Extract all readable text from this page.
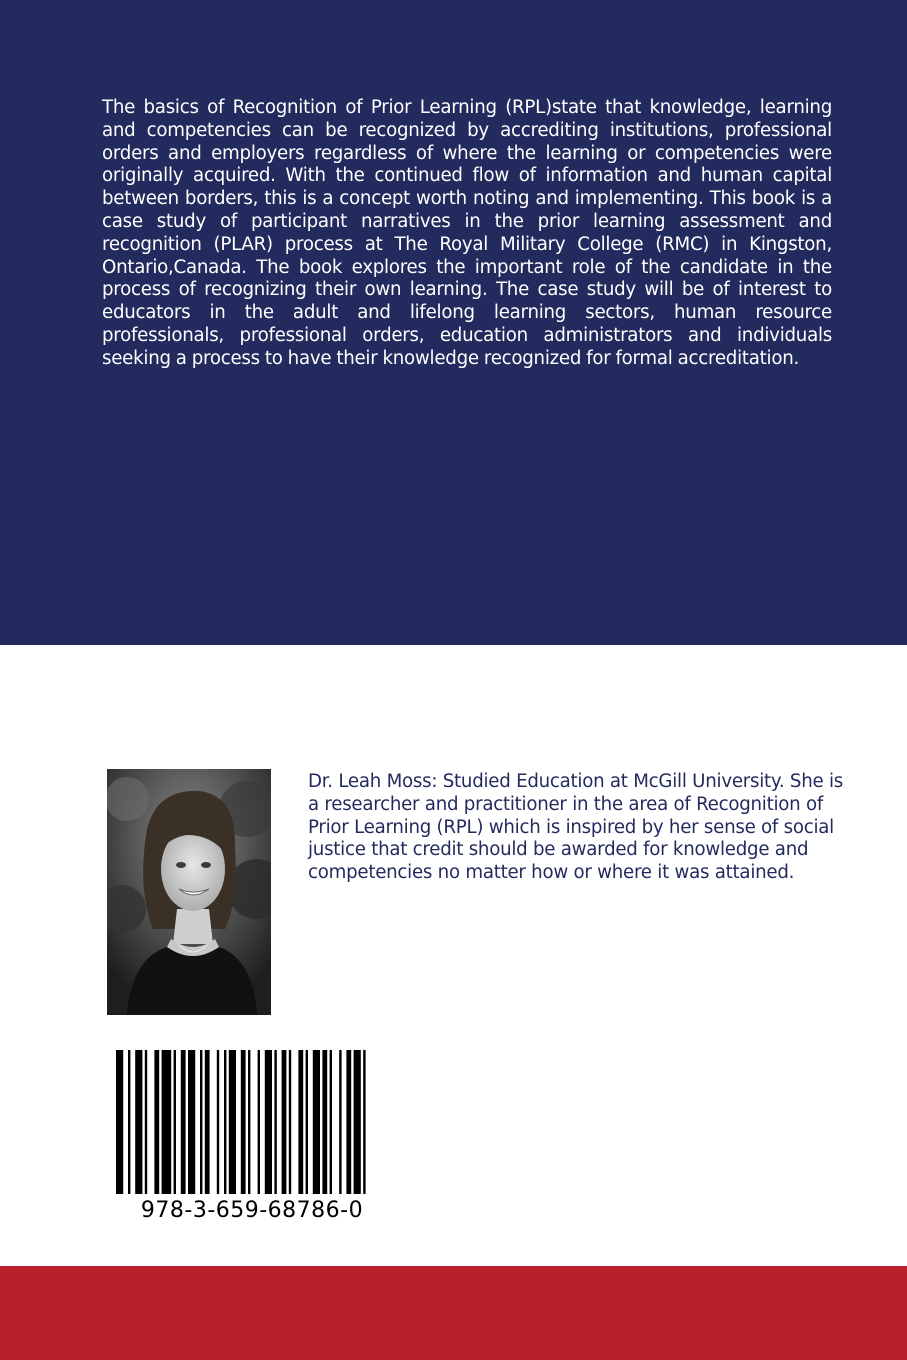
The basics of Recognition of Prior Learning (RPL)state that knowledge, learning and competencies can be recognized by accrediting institutions, professional orders and employers regardless of where the learning or competencies were originally acquired. With the continued flow of information and human capital between borders, this is a concept worth noting and implementing. This book is a case study of participant narratives in the prior learning assessment and recognition (PLAR) process at The Royal Military College (RMC) in Kingston, Ontario,Canada. The book explores the important role of the candidate in the process of recognizing their own learning. The case study will be of interest to educators in the adult and lifelong learning sectors, human resource professionals, professional orders, education administrators and individuals seeking a process to have their knowledge recognized for formal accreditation.

Dr. Leah Moss: Studied Education at McGill University. She is a researcher and practitioner in the area of Recognition of Prior Learning (RPL) which is inspired by her sense of social justice that credit should be awarded for knowledge and competencies no matter how or where it was attained.

978-3-659-68786-0
